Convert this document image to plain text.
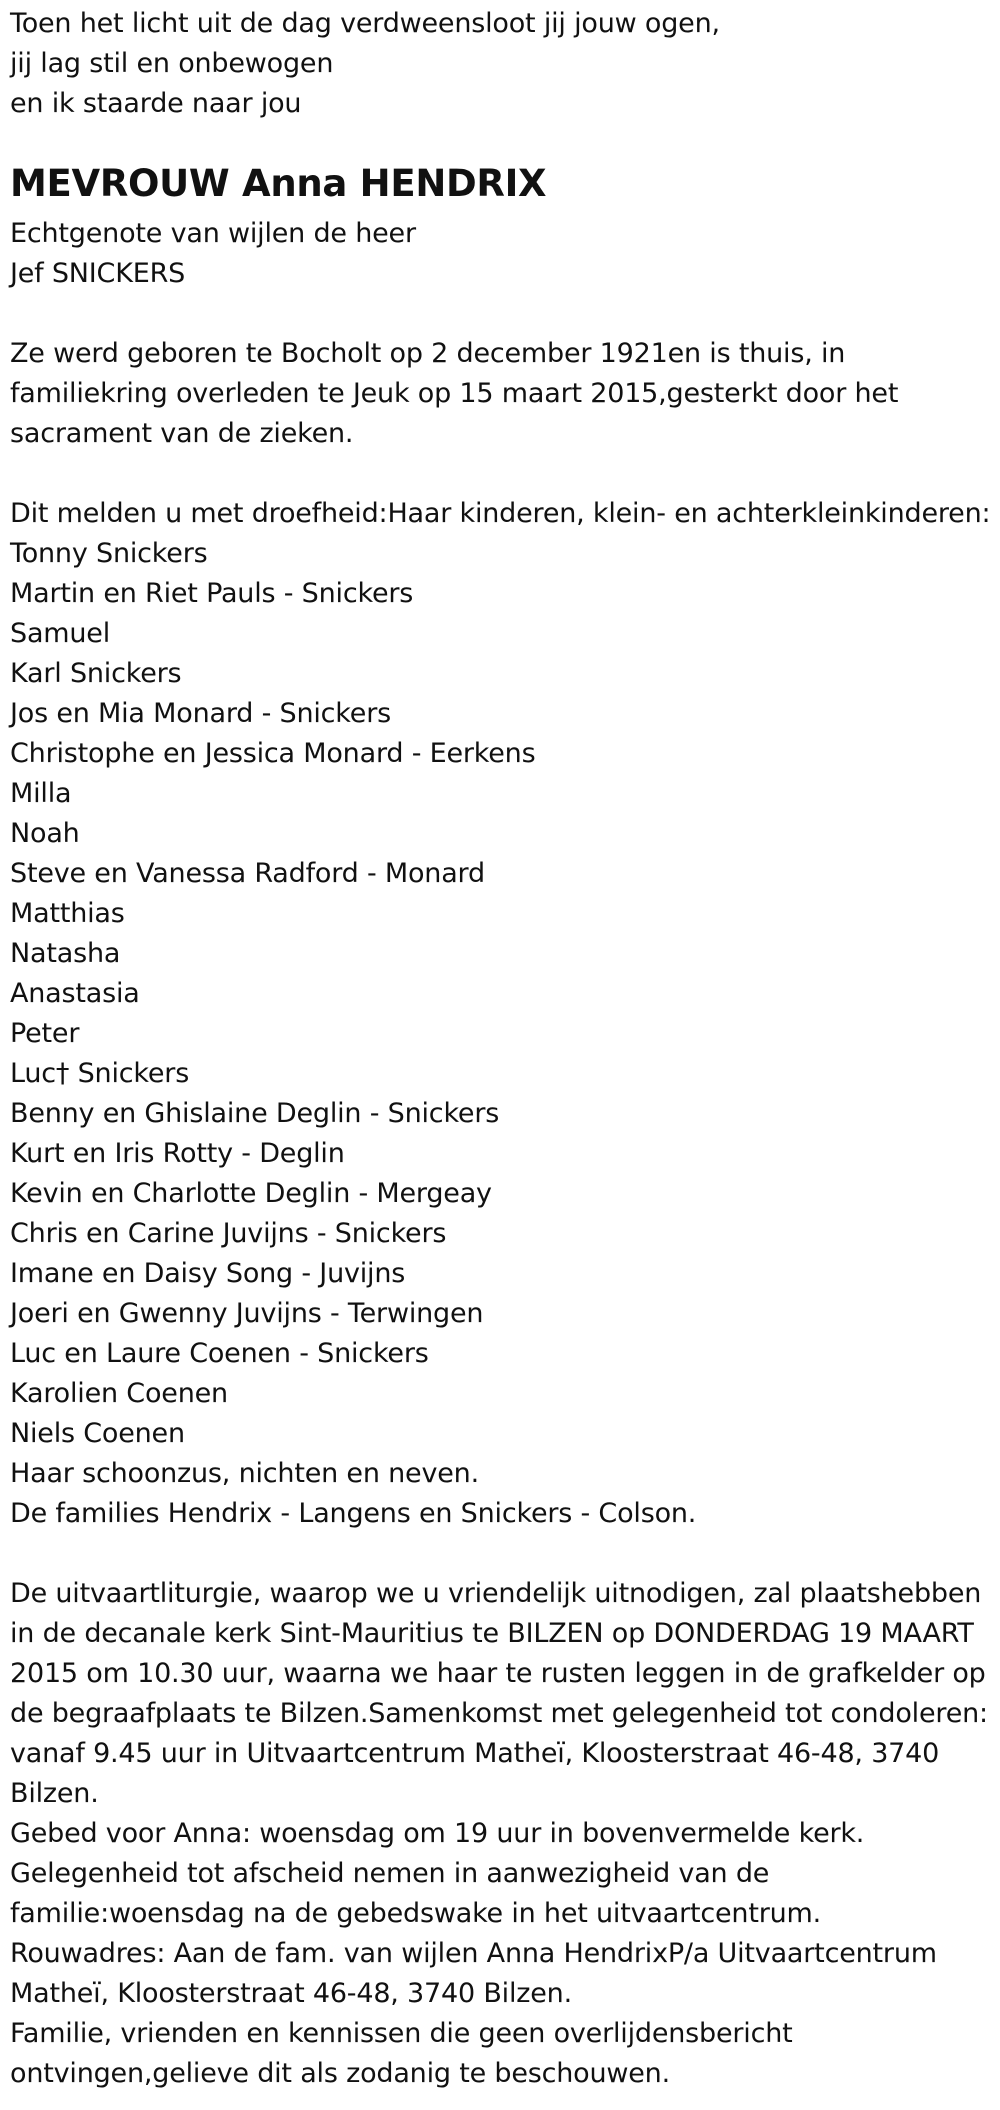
Toen het licht uit de dag verdweensloot jij jouw ogen,
jij lag stil en onbewogen
en ik staarde naar jou
MEVROUW Anna HENDRIX
Echtgenote van wijlen de heer
Jef SNICKERS
Ze werd geboren te Bocholt op 2 december 1921en is thuis, in
familiekring overleden te Jeuk op 15 maart 2015,gesterkt door het
sacrament van de zieken.
Dit melden u met droefheid:Haar kinderen, klein- en achterkleinkinderen:
Tonny Snickers
Martin en Riet Pauls - Snickers
Samuel
Karl Snickers
Jos en Mia Monard - Snickers
Christophe en Jessica Monard - Eerkens
Milla
Noah
Steve en Vanessa Radford - Monard
Matthias
Natasha
Anastasia
Peter
Luc† Snickers
Benny en Ghislaine Deglin - Snickers
Kurt en Iris Rotty - Deglin
Kevin en Charlotte Deglin - Mergeay
Chris en Carine Juvijns - Snickers
Imane en Daisy Song - Juvijns
Joeri en Gwenny Juvijns - Terwingen
Luc en Laure Coenen - Snickers
Karolien Coenen
Niels Coenen
Haar schoonzus, nichten en neven.
De families Hendrix - Langens en Snickers - Colson.
De uitvaartliturgie, waarop we u vriendelijk uitnodigen, zal plaatshebben
in de decanale kerk Sint-Mauritius te BILZEN op DONDERDAG 19 MAART
2015 om 10.30 uur, waarna we haar te rusten leggen in de grafkelder op
de begraafplaats te Bilzen.Samenkomst met gelegenheid tot condoleren:
vanaf 9.45 uur in Uitvaartcentrum Matheï, Kloosterstraat 46-48, 3740
Bilzen.
Gebed voor Anna: woensdag om 19 uur in bovenvermelde kerk.
Gelegenheid tot afscheid nemen in aanwezigheid van de
familie:woensdag na de gebedswake in het uitvaartcentrum.
Rouwadres: Aan de fam. van wijlen Anna HendrixP/a Uitvaartcentrum
Matheï, Kloosterstraat 46-48, 3740 Bilzen.
Familie, vrienden en kennissen die geen overlijdensbericht
ontvingen,gelieve dit als zodanig te beschouwen.
